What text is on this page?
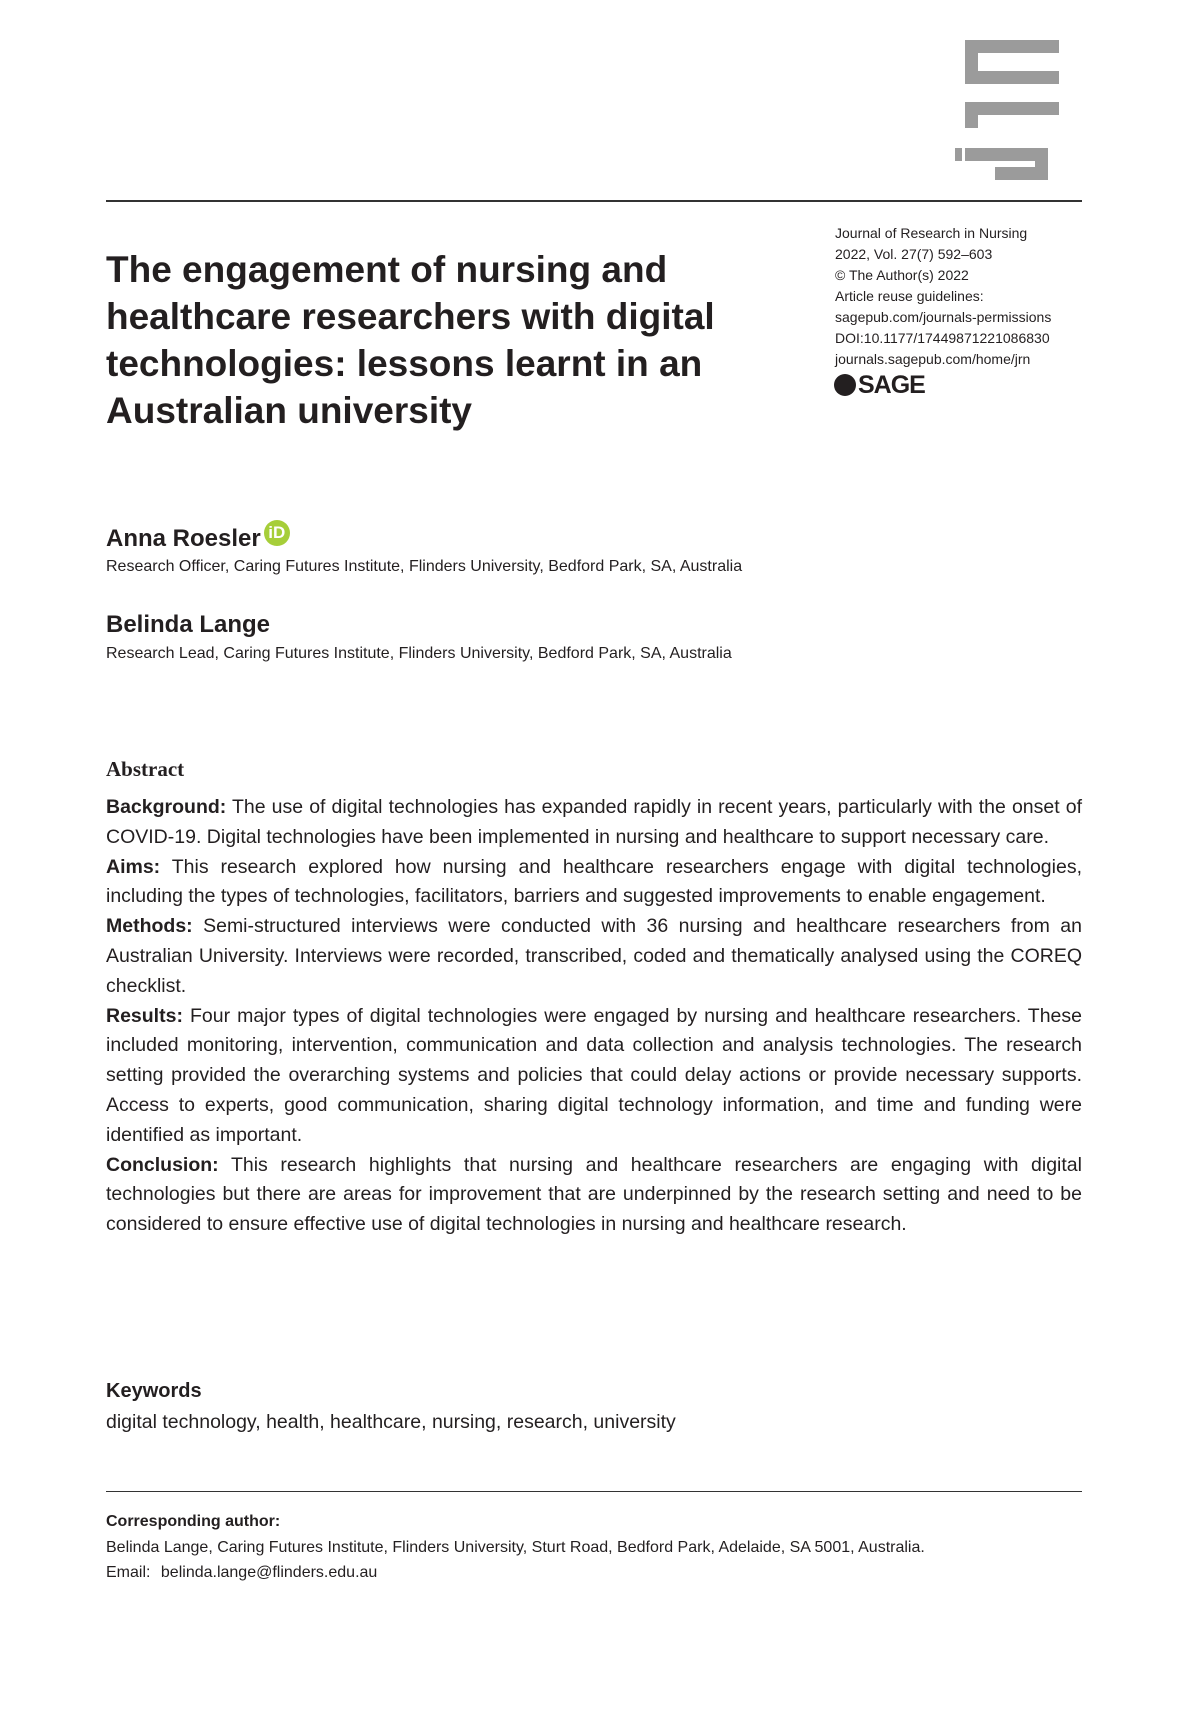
The engagement of nursing and
healthcare researchers with digital
technologies: lessons learnt in an
Australian university
Journal of Research in Nursing
2022, Vol. 27(7) 592–603
© The Author(s) 2022
Article reuse guidelines:
sagepub.com/journals-permissions
DOI:10.1177/17449871221086830
journals.sagepub.com/home/jrn
SAGE
Anna Roesler iD
Research Officer, Caring Futures Institute, Flinders University, Bedford Park, SA, Australia
Belinda Lange
Research Lead, Caring Futures Institute, Flinders University, Bedford Park, SA, Australia
Abstract

Background: The use of digital technologies has expanded rapidly in recent years, particularly with the onset of COVID-19. Digital technologies have been implemented in nursing and healthcare to support necessary care.

Aims: This research explored how nursing and healthcare researchers engage with digital technologies, including the types of technologies, facilitators, barriers and suggested improvements to enable engagement.

Methods: Semi-structured interviews were conducted with 36 nursing and healthcare researchers from an Australian University. Interviews were recorded, transcribed, coded and thematically analysed using the COREQ checklist.

Results: Four major types of digital technologies were engaged by nursing and healthcare researchers. These included monitoring, intervention, communication and data collection and analysis technologies. The research setting provided the overarching systems and policies that could delay actions or provide necessary supports. Access to experts, good communication, sharing digital technology information, and time and funding were identified as important.

Conclusion: This research highlights that nursing and healthcare researchers are engaging with digital technologies but there are areas for improvement that are underpinned by the research setting and need to be considered to ensure effective use of digital technologies in nursing and healthcare research.

Keywords
digital technology, health, healthcare, nursing, research, university
Corresponding author:
Belinda Lange, Caring Futures Institute, Flinders University, Sturt Road, Bedford Park, Adelaide, SA 5001, Australia.
Email: belinda.lange@flinders.edu.au
